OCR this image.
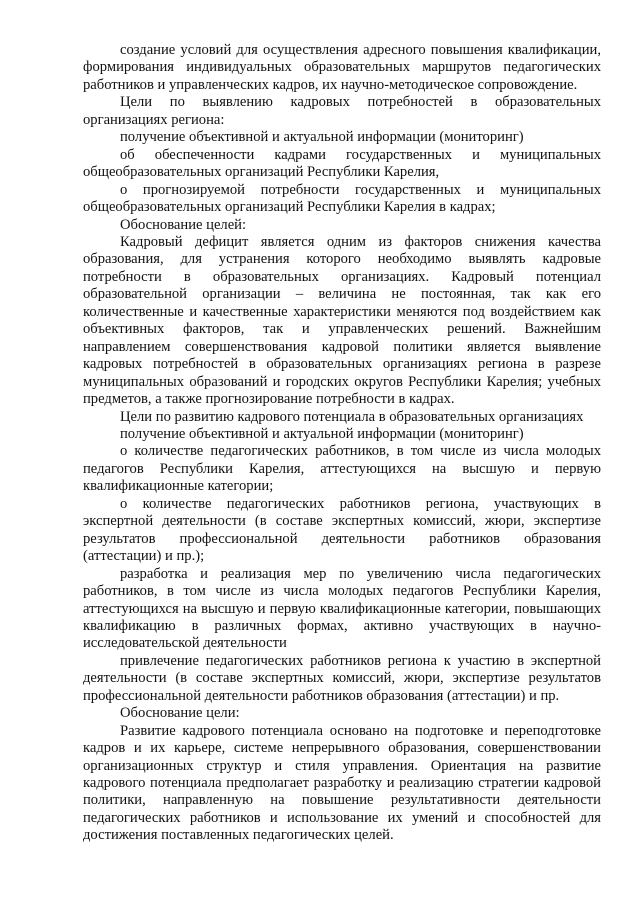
создание условий для осуществления адресного повышения квалификации, формирования индивидуальных образовательных маршрутов педагогических работников и управленческих кадров, их научно-методическое сопровождение.

Цели по выявлению кадровых потребностей в образовательных организациях региона:

получение объективной и актуальной информации (мониторинг)

об обеспеченности кадрами государственных и муниципальных общеобразовательных организаций Республики Карелия,

о прогнозируемой потребности государственных и муниципальных общеобразовательных организаций Республики Карелия в кадрах;

Обоснование целей:

Кадровый дефицит является одним из факторов снижения качества образования, для устранения которого необходимо выявлять кадровые потребности в образовательных организациях. Кадровый потенциал образовательной организации – величина не постоянная, так как его количественные и качественные характеристики меняются под воздействием как объективных факторов, так и управленческих решений. Важнейшим направлением совершенствования кадровой политики является выявление кадровых потребностей в образовательных организациях региона в разрезе муниципальных образований и городских округов Республики Карелия; учебных предметов, а также прогнозирование потребности в кадрах.

Цели по развитию кадрового потенциала в образовательных организациях

получение объективной и актуальной информации (мониторинг)

о количестве педагогических работников, в том числе из числа молодых педагогов Республики Карелия, аттестующихся на высшую и первую квалификационные категории;

о количестве педагогических работников региона, участвующих в экспертной деятельности (в составе экспертных комиссий, жюри, экспертизе результатов профессиональной деятельности работников образования (аттестации) и пр.);

разработка и реализация мер по увеличению числа педагогических работников, в том числе из числа молодых педагогов Республики Карелия, аттестующихся на высшую и первую квалификационные категории, повышающих квалификацию в различных формах, активно участвующих в научно-исследовательской деятельности

привлечение педагогических работников региона к участию в экспертной деятельности (в составе экспертных комиссий, жюри, экспертизе результатов профессиональной деятельности работников образования (аттестации) и пр.

Обоснование цели:

Развитие кадрового потенциала основано на подготовке и переподготовке кадров и их карьере, системе непрерывного образования, совершенствовании организационных структур и стиля управления. Ориентация на развитие кадрового потенциала предполагает разработку и реализацию стратегии кадровой политики, направленную на повышение результативности деятельности педагогических работников и использование их умений и способностей для достижения поставленных педагогических целей.
